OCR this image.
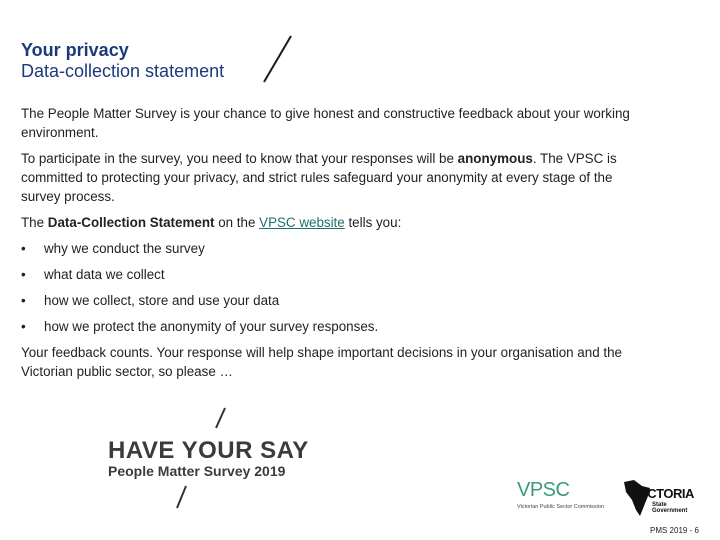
Your privacy
Data-collection statement

The People Matter Survey is your chance to give honest and constructive feedback about your working environment.

To participate in the survey, you need to know that your responses will be anonymous. The VPSC is committed to protecting your privacy, and strict rules safeguard your anonymity at every stage of the survey process.

The Data-Collection Statement on the VPSC website tells you:

• why we conduct the survey
• what data we collect
• how we collect, store and use your data
• how we protect the anonymity of your survey responses.

Your feedback counts. Your response will help shape important decisions in your organisation and the Victorian public sector, so please …

HAVE YOUR SAY
People Matter Survey 2019
VPSC
Victorian Public Sector Commission
VICTORIA
State
Government
PMS 2019 - 6
